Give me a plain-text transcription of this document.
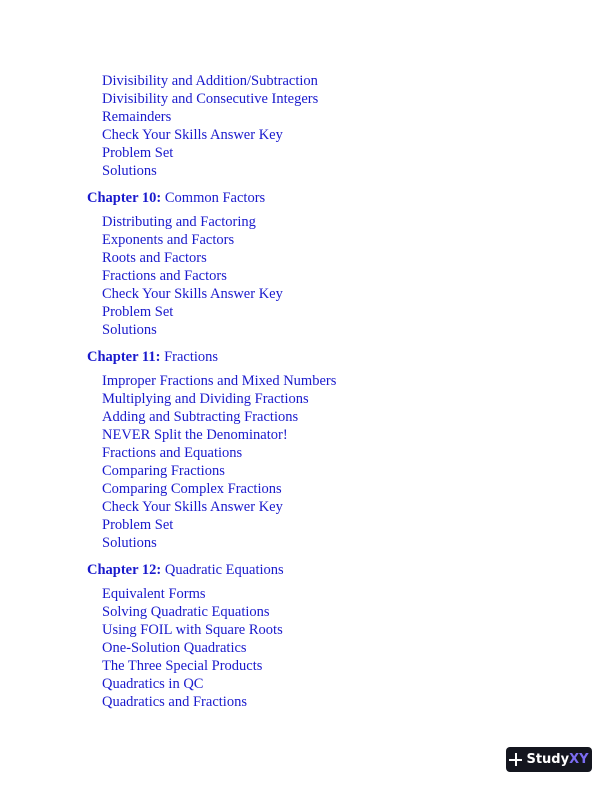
Divisibility and Addition/Subtraction
Divisibility and Consecutive Integers
Remainders
Check Your Skills Answer Key
Problem Set
Solutions
Chapter 10: Common Factors
Distributing and Factoring
Exponents and Factors
Roots and Factors
Fractions and Factors
Check Your Skills Answer Key
Problem Set
Solutions
Chapter 11: Fractions
Improper Fractions and Mixed Numbers
Multiplying and Dividing Fractions
Adding and Subtracting Fractions
NEVER Split the Denominator!
Fractions and Equations
Comparing Fractions
Comparing Complex Fractions
Check Your Skills Answer Key
Problem Set
Solutions
Chapter 12: Quadratic Equations
Equivalent Forms
Solving Quadratic Equations
Using FOIL with Square Roots
One-Solution Quadratics
The Three Special Products
Quadratics in QC
Quadratics and Fractions
StudyXY
